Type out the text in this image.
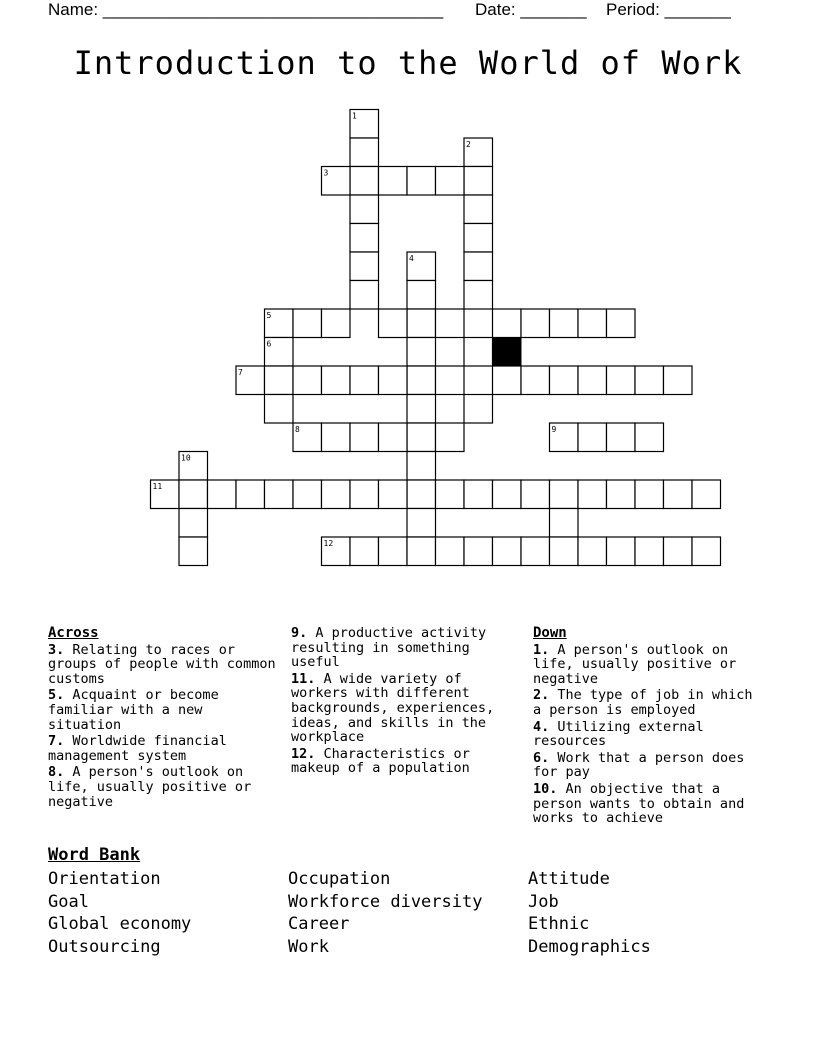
Name: ____________________________________ Date: _______ Period: _______
Introduction to the World of Work
1
2
3
4
5
6
7
8	9
10
11
12
Across
3. Relating to races or groups of people with common customs
5. Acquaint or become familiar with a new situation
7. Worldwide financial management system
8. A person's outlook on life, usually positive or negative
9. A productive activity resulting in something useful
11. A wide variety of workers with different backgrounds, experiences, ideas, and skills in the workplace
12. Characteristics or makeup of a population
Down
1. A person's outlook on life, usually positive or negative
2. The type of job in which a person is employed
4. Utilizing external resources
6. Work that a person does for pay
10. An objective that a person wants to obtain and works to achieve
Word Bank
Orientation
Goal
Global economy
Outsourcing
Occupation
Workforce diversity
Career
Work
Attitude
Job
Ethnic
Demographics
